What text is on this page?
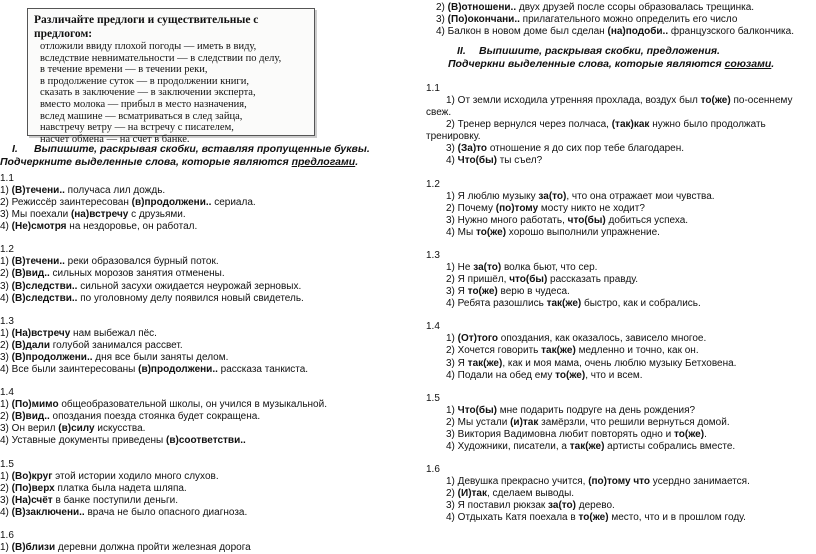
Различайте предлоги и существительные с предлогом:
отложили ввиду плохой погоды — иметь в виду,
вследствие невнимательности — в следствии по делу,
в течение времени — в течении реки,
в продолжение суток — в продолжении книги,
сказать в заключение — в заключении эксперта,
вместо молока — прибыл в место назначения,
вслед машине — всматриваться в след зайца,
навстречу ветру — на встречу с писателем,
насчет обмена — на счет в банке.
I. Выпишите, раскрывая скобки, вставляя пропущенные буквы.
Подчеркните выделенные слова, которые являются предлогами.
1.1
1) (В)течени.. получаса лил дождь.
2) Режиссёр заинтересован (в)продолжени.. сериала.
3) Мы поехали (на)встречу с друзьями.
4) (Не)смотря на нездоровье, он работал.
1.2
1) (В)течени.. реки образовался бурный поток.
2) (В)вид.. сильных морозов занятия отменены.
3) (В)следстви.. сильной засухи ожидается неурожай зерновых.
4) (В)следстви.. по уголовному делу появился новый свидетель.
1.3
1) (На)встречу нам выбежал пёс.
2) (В)дали голубой занимался рассвет.
3) (В)продолжени.. дня все были заняты делом.
4) Все были заинтересованы (в)продолжени.. рассказа танкиста.
1.4
1) (По)мимо общеобразовательной школы, он учился в музыкальной.
2) (В)вид.. опоздания поезда стоянка будет сокращена.
3) Он верил (в)силу искусства.
4) Уставные документы приведены (в)соответстви..
1.5
1) (Во)круг этой истории ходило много слухов.
2) (По)верх платка была надета шляпа.
3) (На)счёт в банке поступили деньги.
4) (В)заключени.. врача не было опасного диагноза.
1.6
1) (В)близи деревни должна пройти железная дорога
2) (В)отношени.. двух друзей после ссоры образовалась трещинка.
3) (По)окончани.. прилагательного можно определить его число
4) Балкон в новом доме был сделан (на)подоби.. французского балкончика.
II. Выпишите, раскрывая скобки, предложения.
Подчеркни выделенные слова, которые являются союзами.
1.1
1) От земли исходила утренняя прохлада, воздух был то(же) по-осеннему
свеж.
2) Тренер вернулся через полчаса, (так)как нужно было продолжать
тренировку.
3) (За)то отношение я до сих пор тебе благодарен.
4) Что(бы) ты съел?
1.2
1) Я люблю музыку за(то), что она отражает мои чувства.
2) Почему (по)тому мосту никто не ходит?
3) Нужно много работать, что(бы) добиться успеха.
4) Мы то(же) хорошо выполнили упражнение.
1.3
1) Не за(то) волка бьют, что сер.
2) Я пришёл, что(бы) рассказать правду.
3) Я то(же) верю в чудеса.
4) Ребята разошлись так(же) быстро, как и собрались.
1.4
1) (От)того опоздания, как оказалось, зависело многое.
2) Хочется говорить так(же) медленно и точно, как он.
3) Я так(же), как и моя мама, очень люблю музыку Бетховена.
4) Подали на обед ему то(же), что и всем.
1.5
1) Что(бы) мне подарить подруге на день рождения?
2) Мы устали (и)так замёрзли, что решили вернуться домой.
3) Виктория Вадимовна любит повторять одно и то(же).
4) Художники, писатели, а так(же) артисты собрались вместе.
1.6
1) Девушка прекрасно учится, (по)тому что усердно занимается.
2) (И)так, сделаем выводы.
3) Я поставил рюкзак за(то) дерево.
4) Отдыхать Катя поехала в то(же) место, что и в прошлом году.
